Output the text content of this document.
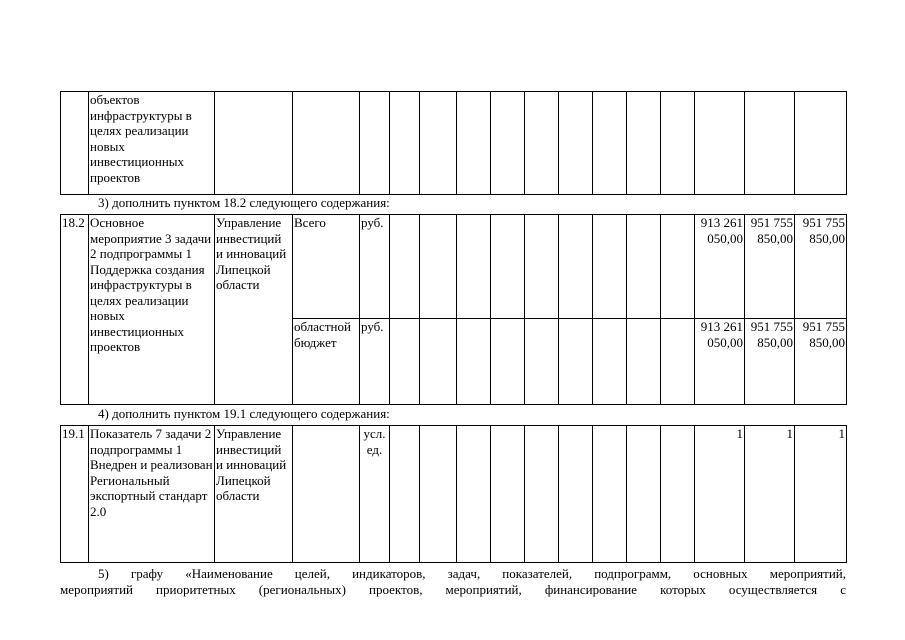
	объектов инфраструктуры в целях реализации новых инвестиционных проектов															
3) дополнить пунктом 18.2 следующего содержания:
18.2	Основное мероприятие 3 задачи 2 подпрограммы 1 Поддержка создания инфраструктуры в целях реализации новых инвестиционных проектов	Управление инвестиций и инноваций Липецкой области	Всего	руб.										913 261 050,00	951 755 850,00	951 755 850,00
			областной бюджет	руб.										913 261 050,00	951 755 850,00	951 755 850,00
4) дополнить пунктом 19.1 следующего содержания:
19.1	Показатель 7 задачи 2 подпрограммы 1 Внедрен и реализован Региональный экспортный стандарт 2.0	Управление инвестиций и инноваций Липецкой области		усл. ед.										1	1	1
5) графу «Наименование целей, индикаторов, задач, показателей, подпрограмм, основных мероприятий,
мероприятий приоритетных (региональных) проектов, мероприятий, финансирование которых осуществляется с
